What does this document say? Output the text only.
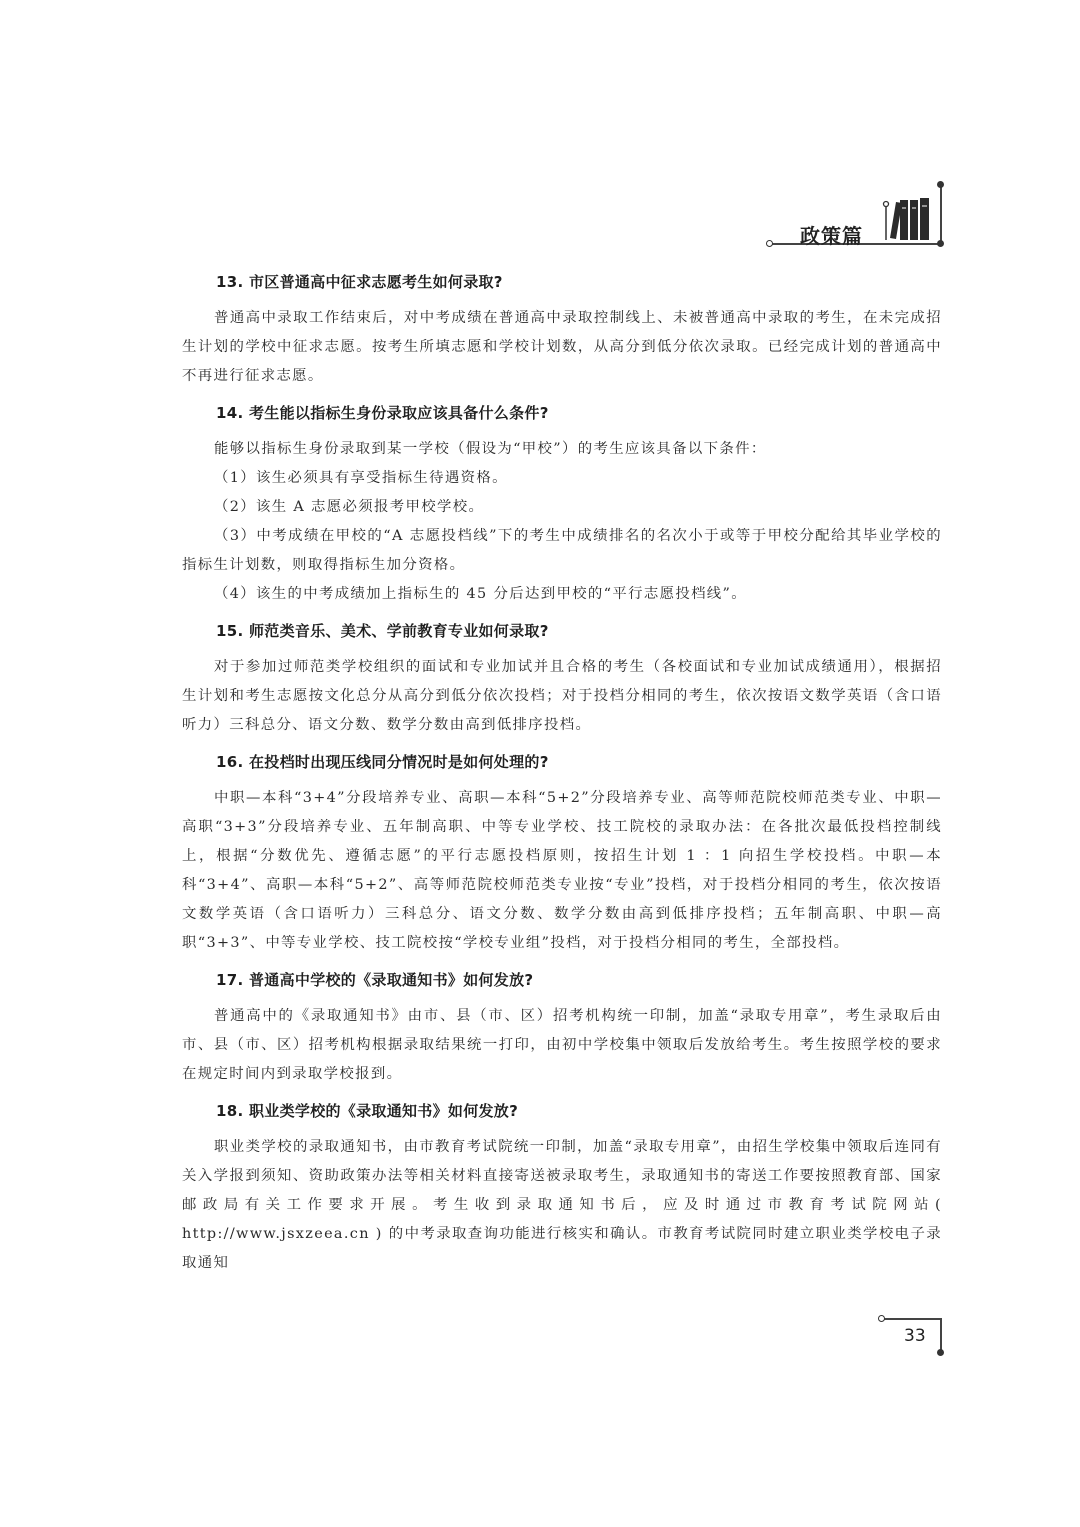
政策篇
13. 市区普通高中征求志愿考生如何录取?
普通高中录取工作结束后，对中考成绩在普通高中录取控制线上、未被普通高中录取的考生，在未完成招生计划的学校中征求志愿。按考生所填志愿和学校计划数，从高分到低分依次录取。已经完成计划的普通高中不再进行征求志愿。
14. 考生能以指标生身份录取应该具备什么条件?
能够以指标生身份录取到某一学校（假设为“甲校”）的考生应该具备以下条件：
（1）该生必须具有享受指标生待遇资格。
（2）该生 A 志愿必须报考甲校学校。
（3）中考成绩在甲校的“A 志愿投档线”下的考生中成绩排名的名次小于或等于甲校分配给其毕业学校的指标生计划数，则取得指标生加分资格。
（4）该生的中考成绩加上指标生的 45 分后达到甲校的“平行志愿投档线”。
15. 师范类音乐、美术、学前教育专业如何录取?
对于参加过师范类学校组织的面试和专业加试并且合格的考生（各校面试和专业加试成绩通用），根据招生计划和考生志愿按文化总分从高分到低分依次投档；对于投档分相同的考生，依次按语文数学英语（含口语听力）三科总分、语文分数、数学分数由高到低排序投档。
16. 在投档时出现压线同分情况时是如何处理的?
中职—本科“3+4”分段培养专业、高职—本科“5+2”分段培养专业、高等师范院校师范类专业、中职—高职“3+3”分段培养专业、五年制高职、中等专业学校、技工院校的录取办法：在各批次最低投档控制线上，根据“分数优先、遵循志愿”的平行志愿投档原则，按招生计划 1 ：1 向招生学校投档。中职—本科“3+4”、高职—本科“5+2”、高等师范院校师范类专业按“专业”投档，对于投档分相同的考生，依次按语文数学英语（含口语听力）三科总分、语文分数、数学分数由高到低排序投档；五年制高职、中职—高职“3+3”、中等专业学校、技工院校按“学校专业组”投档，对于投档分相同的考生，全部投档。
17. 普通高中学校的《录取通知书》如何发放?
普通高中的《录取通知书》由市、县（市、区）招考机构统一印制，加盖“录取专用章”，考生录取后由市、县（市、区）招考机构根据录取结果统一打印，由初中学校集中领取后发放给考生。考生按照学校的要求在规定时间内到录取学校报到。
18. 职业类学校的《录取通知书》如何发放?
职业类学校的录取通知书，由市教育考试院统一印制，加盖“录取专用章”，由招生学校集中领取后连同有关入学报到须知、资助政策办法等相关材料直接寄送被录取考生，录取通知书的寄送工作要按照教育部、国家邮政局有关工作要求开展。考生收到录取通知书后，应及时通过市教育考试院网站( http://www.jsxzeea.cn ) 的中考录取查询功能进行核实和确认。市教育考试院同时建立职业类学校电子录取通知
33
